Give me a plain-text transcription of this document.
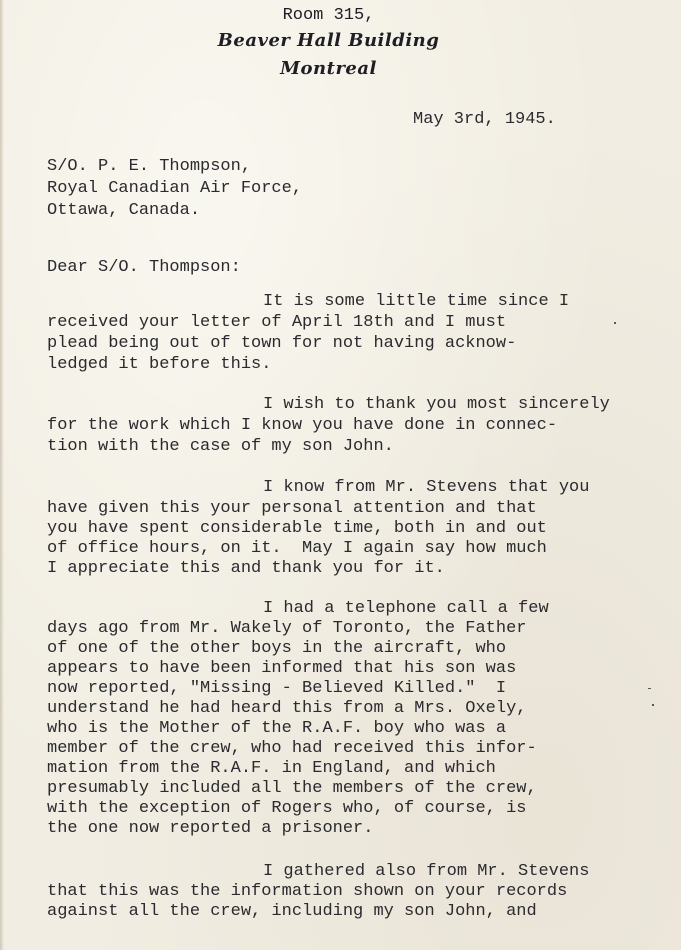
Room 315,
Beaver Hall Building
Montreal
May 3rd, 1945.
S/O. P. E. Thompson,
Royal Canadian Air Force,
Ottawa, Canada.
Dear S/O. Thompson:
It is some little time since I
received your letter of April 18th and I must
plead being out of town for not having acknow-
ledged it before this.
I wish to thank you most sincerely
for the work which I know you have done in connec-
tion with the case of my son John.
I know from Mr. Stevens that you
have given this your personal attention and that
you have spent considerable time, both in and out
of office hours, on it.  May I again say how much
I appreciate this and thank you for it.
I had a telephone call a few
days ago from Mr. Wakely of Toronto, the Father
of one of the other boys in the aircraft, who
appears to have been informed that his son was
now reported, "Missing - Believed Killed."  I
understand he had heard this from a Mrs. Oxely,
who is the Mother of the R.A.F. boy who was a
member of the crew, who had received this infor-
mation from the R.A.F. in England, and which
presumably included all the members of the crew,
with the exception of Rogers who, of course, is
the one now reported a prisoner.
I gathered also from Mr. Stevens
that this was the information shown on your records
against all the crew, including my son John, and
